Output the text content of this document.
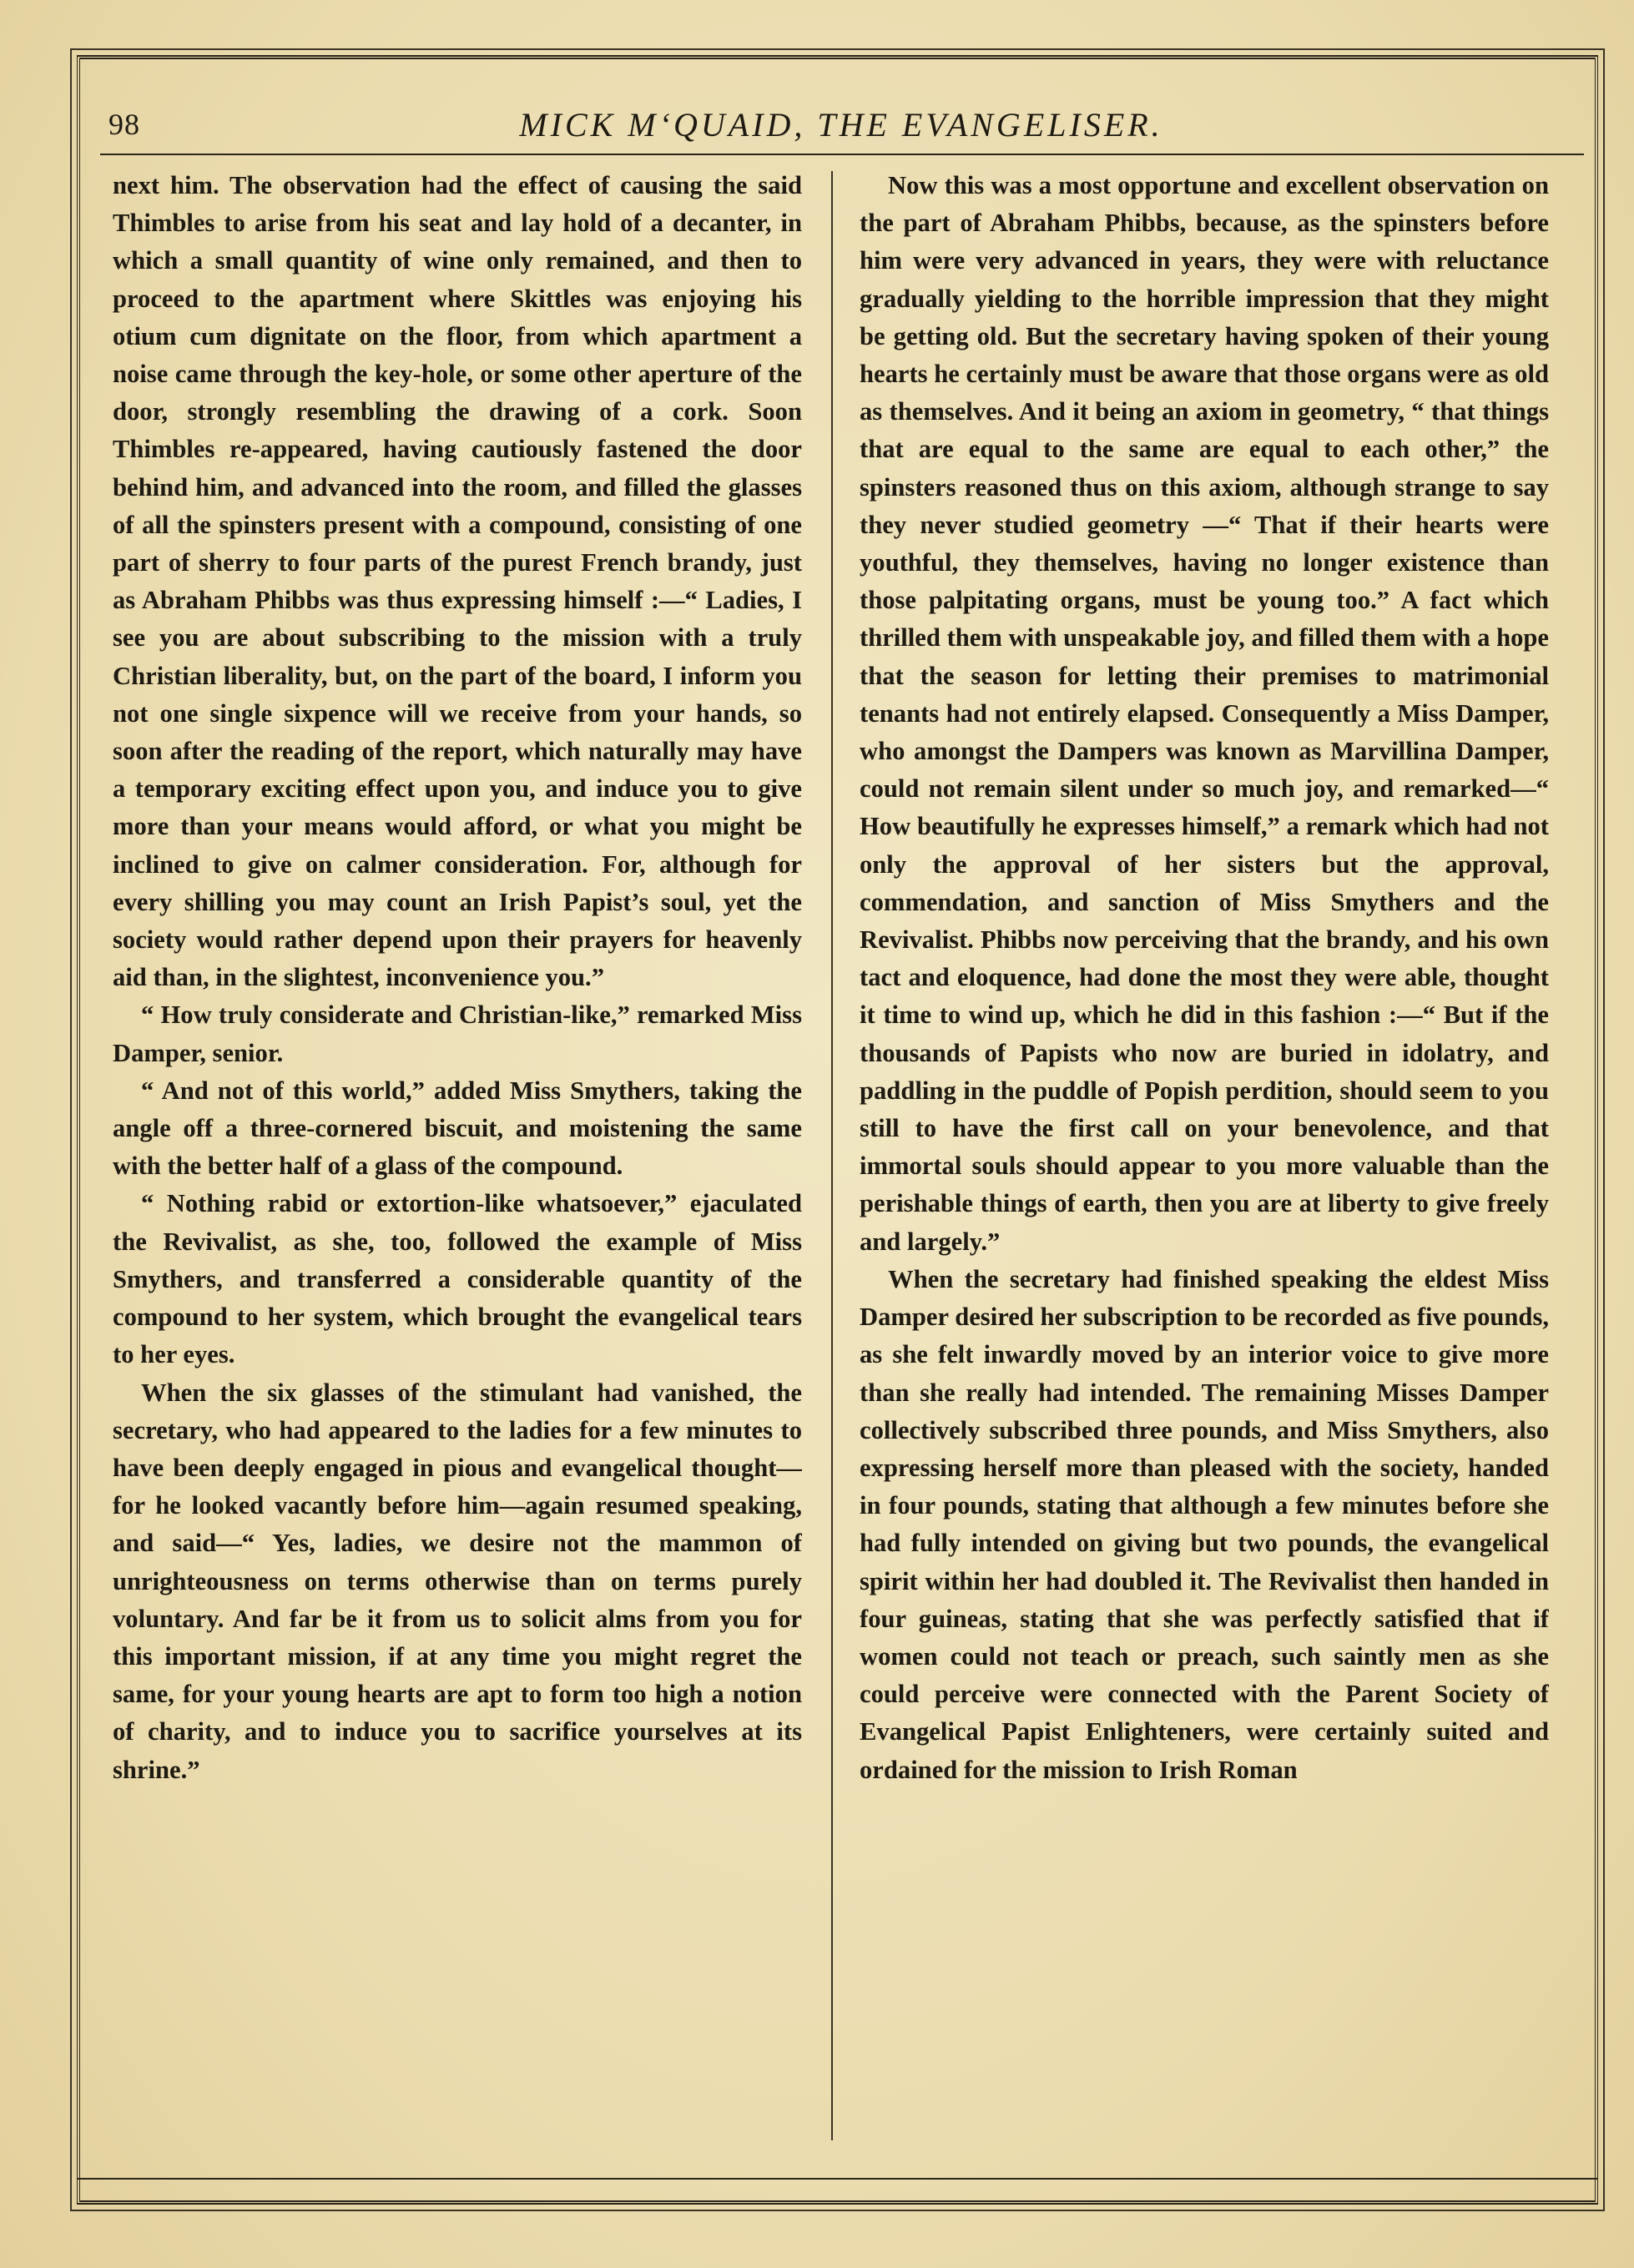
98	MICK M‘QUAID, THE EVANGELISER.

next him. The observation had the effect of causing the said Thimbles to arise from his seat and lay hold of a decanter, in which a small quantity of wine only remained, and then to proceed to the apartment where Skittles was enjoying his otium cum dignitate on the floor, from which apartment a noise came through the key-hole, or some other aperture of the door, strongly resembling the drawing of a cork. Soon Thimbles re-appeared, having cautiously fastened the door behind him, and advanced into the room, and filled the glasses of all the spinsters present with a compound, consisting of one part of sherry to four parts of the purest French brandy, just as Abraham Phibbs was thus expressing himself :—“ Ladies, I see you are about subscribing to the mission with a truly Christian liberality, but, on the part of the board, I inform you not one single sixpence will we receive from your hands, so soon after the reading of the report, which naturally may have a temporary exciting effect upon you, and induce you to give more than your means would afford, or what you might be inclined to give on calmer consideration. For, although for every shilling you may count an Irish Papist’s soul, yet the society would rather depend upon their prayers for heavenly aid than, in the slightest, inconvenience you.”

“ How truly considerate and Christian-like,” remarked Miss Damper, senior.

“ And not of this world,” added Miss Smythers, taking the angle off a three-cornered biscuit, and moistening the same with the better half of a glass of the compound.

“ Nothing rabid or extortion-like whatsoever,” ejaculated the Revivalist, as she, too, followed the example of Miss Smythers, and transferred a considerable quantity of the compound to her system, which brought the evangelical tears to her eyes.

When the six glasses of the stimulant had vanished, the secretary, who had appeared to the ladies for a few minutes to have been deeply engaged in pious and evangelical thought—for he looked vacantly before him—again resumed speaking, and said—“ Yes, ladies, we desire not the mammon of unrighteousness on terms otherwise than on terms purely voluntary. And far be it from us to solicit alms from you for this important mission, if at any time you might regret the same, for your young hearts are apt to form too high a notion of charity, and to induce you to sacrifice yourselves at its shrine.”

Now this was a most opportune and excellent observation on the part of Abraham Phibbs, because, as the spinsters before him were very advanced in years, they were with reluctance gradually yielding to the horrible impression that they might be getting old. But the secretary having spoken of their young hearts he certainly must be aware that those organs were as old as themselves. And it being an axiom in geometry, “ that things that are equal to the same are equal to each other,” the spinsters reasoned thus on this axiom, although strange to say they never studied geometry —“ That if their hearts were youthful, they themselves, having no longer existence than those palpitating organs, must be young too.” A fact which thrilled them with unspeakable joy, and filled them with a hope that the season for letting their premises to matrimonial tenants had not entirely elapsed. Consequently a Miss Damper, who amongst the Dampers was known as Marvillina Damper, could not remain silent under so much joy, and remarked—“ How beautifully he expresses himself,” a remark which had not only the approval of her sisters but the approval, commendation, and sanction of Miss Smythers and the Revivalist. Phibbs now perceiving that the brandy, and his own tact and eloquence, had done the most they were able, thought it time to wind up, which he did in this fashion :—“ But if the thousands of Papists who now are buried in idolatry, and paddling in the puddle of Popish perdition, should seem to you still to have the first call on your benevolence, and that immortal souls should appear to you more valuable than the perishable things of earth, then you are at liberty to give freely and largely.”

When the secretary had finished speaking the eldest Miss Damper desired her subscription to be recorded as five pounds, as she felt inwardly moved by an interior voice to give more than she really had intended. The remaining Misses Damper collectively subscribed three pounds, and Miss Smythers, also expressing herself more than pleased with the society, handed in four pounds, stating that although a few minutes before she had fully intended on giving but two pounds, the evangelical spirit within her had doubled it. The Revivalist then handed in four guineas, stating that she was perfectly satisfied that if women could not teach or preach, such saintly men as she could perceive were connected with the Parent Society of Evangelical Papist Enlighteners, were certainly suited and ordained for the mission to Irish Roman
